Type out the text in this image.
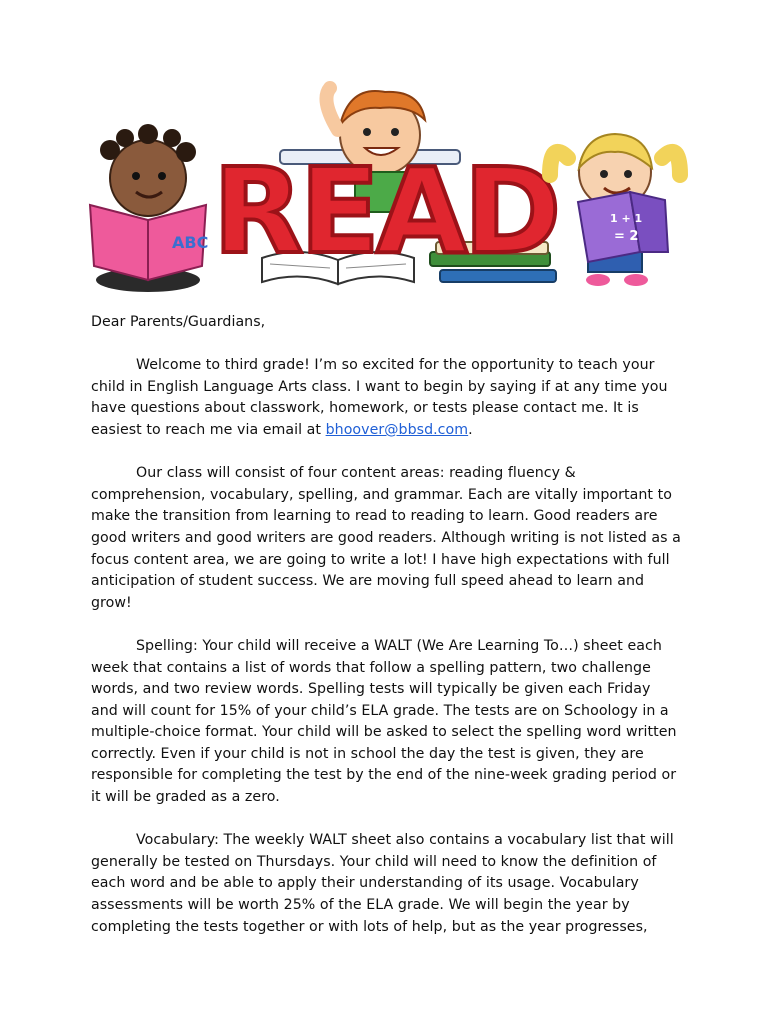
READ
ABC
1 + 1
= 2

Dear Parents/Guardians,

Welcome to third grade! I’m so excited for the opportunity to teach your child in English Language Arts class. I want to begin by saying if at any time you have questions about classwork, homework, or tests please contact me. It is easiest to reach me via email at bhoover@bbsd.com.

Our class will consist of four content areas: reading fluency & comprehension, vocabulary, spelling, and grammar. Each are vitally important to make the transition from learning to read to reading to learn. Good readers are good writers and good writers are good readers. Although writing is not listed as a focus content area, we are going to write a lot! I have high expectations with full anticipation of student success. We are moving full speed ahead to learn and grow!

Spelling: Your child will receive a WALT (We Are Learning To…) sheet each week that contains a list of words that follow a spelling pattern, two challenge words, and two review words. Spelling tests will typically be given each Friday and will count for 15% of your child’s ELA grade. The tests are on Schoology in a multiple-choice format. Your child will be asked to select the spelling word written correctly. Even if your child is not in school the day the test is given, they are responsible for completing the test by the end of the nine-week grading period or it will be graded as a zero.

Vocabulary: The weekly WALT sheet also contains a vocabulary list that will generally be tested on Thursdays. Your child will need to know the definition of each word and be able to apply their understanding of its usage. Vocabulary assessments will be worth 25% of the ELA grade. We will begin the year by completing the tests together or with lots of help, but as the year progresses,
